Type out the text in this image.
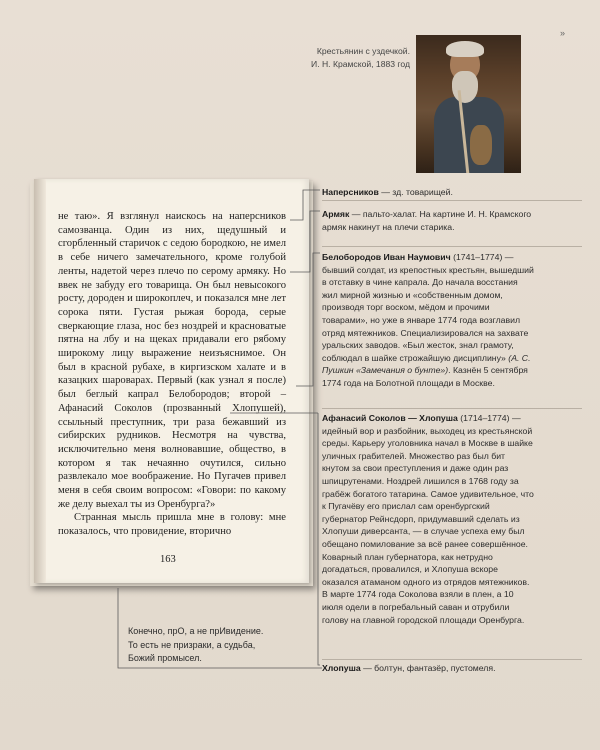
»
Крестьянин с уздечкой.
И. Н. Крамской, 1883 год

не таю». Я взглянул наискось на наперсников самозванца. Один из них, щедушный и сгорбленный старичок с седою бородкою, не имел в себе ничего замечательного, кроме голубой ленты, надетой через плечо по серому армяку. Но ввек не забуду его товарища. Он был невысокого росту, дороден и широкоплеч, и показался мне лет сорока пяти. Густая рыжая борода, серые сверкающие глаза, нос без ноздрей и красноватые пятна на лбу и на щеках придавали его рябому широкому лицу выражение неизъяснимое. Он был в красной рубахе, в киргизском халате и в казацких шароварах. Первый (как узнал я после) был беглый капрал Белобородов; второй – Афанасий Соколов (прозванный Хлопушей), ссыльный преступник, три раза бежавший из сибирских рудников. Несмотря на чувства, исключительно меня волновавшие, общество, в котором я так нечаянно очутился, сильно развлекало мое воображение. Но Пугачев привел меня в себя своим вопросом: «Говори: по какому же делу выехал ты из Оренбурга?»

Странная мысль пришла мне в голову: мне показалось, что провидение, вторично

163
Наперсников — зд. товарищей.
Армяк — пальто-халат. На картине И. Н. Крамского армяк накинут на плечи старика.
Белобородов Иван Наумович (1741–1774) — бывший солдат, из крепостных крестьян, вышедший в отставку в чине капрала. До начала восстания жил мирной жизнью и «собственным домом, производя торг воском, мёдом и прочими товарами», но уже в январе 1774 года возглавил отряд мятежников. Специализировался на захвате уральских заводов. «Был жесток, знал грамоту, соблюдал в шайке строжайшую дисциплину» (А. С. Пушкин «Замечания о бунте»). Казнён 5 сентября 1774 года на Болотной площади в Москве.
Афанасий Соколов — Хлопуша (1714–1774) — идейный вор и разбойник, выходец из крестьянской среды. Карьеру уголовника начал в Москве в шайке уличных грабителей. Множество раз был бит кнутом за свои преступления и даже один раз шпицрутенами. Ноздрей лишился в 1768 году за грабёж богатого татарина. Самое удивительное, что к Пугачёву его прислал сам оренбургский губернатор Рейнсдорп, придумавший сделать из Хлопуши диверсанта, — в случае успеха ему был обещано помилование за всё ранее совершённое. Коварный план губернатора, как нетрудно догадаться, провалился, и Хлопуша вскоре оказался атаманом одного из отрядов мятежников. В марте 1774 года Соколова взяли в плен, а 10 июля одели в погребальный саван и отрубили голову на главной городской площади Оренбурга.
Хлопуша — болтун, фантазёр, пустомеля.
Конечно, прО, а не прИвидение.
То есть не призраки, а судьба,
Божий промысел.
